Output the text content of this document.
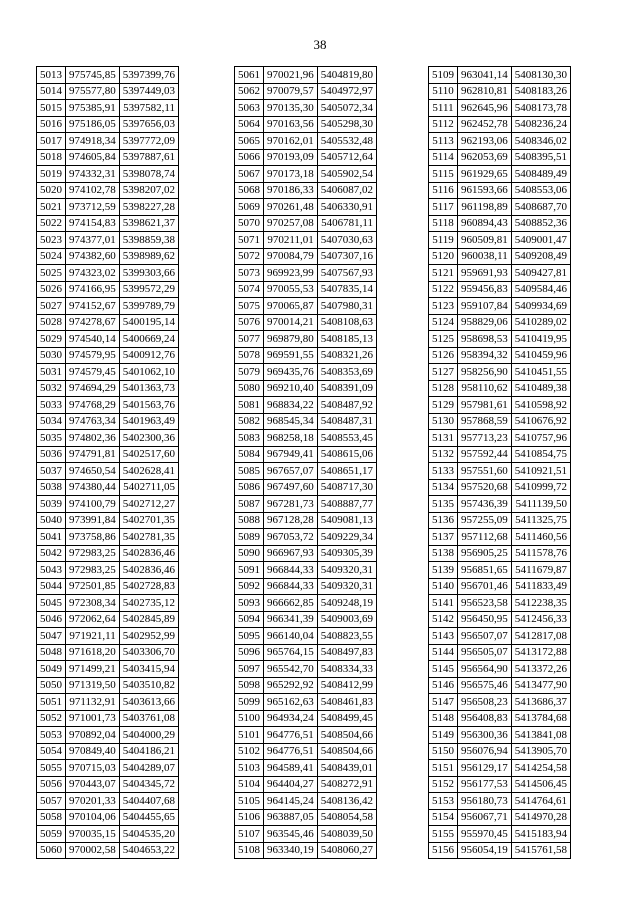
38
5013	975745,85	5397399,76
5014	975577,80	5397449,03
5015	975385,91	5397582,11
5016	975186,05	5397656,03
5017	974918,34	5397772,09
5018	974605,84	5397887,61
5019	974332,31	5398078,74
5020	974102,78	5398207,02
5021	973712,59	5398227,28
5022	974154,83	5398621,37
5023	974377,01	5398859,38
5024	974382,60	5398989,62
5025	974323,02	5399303,66
5026	974166,95	5399572,29
5027	974152,67	5399789,79
5028	974278,67	5400195,14
5029	974540,14	5400669,24
5030	974579,95	5400912,76
5031	974579,45	5401062,10
5032	974694,29	5401363,73
5033	974768,29	5401563,76
5034	974763,34	5401963,49
5035	974802,36	5402300,36
5036	974791,81	5402517,60
5037	974650,54	5402628,41
5038	974380,44	5402711,05
5039	974100,79	5402712,27
5040	973991,84	5402701,35
5041	973758,86	5402781,35
5042	972983,25	5402836,46
5043	972983,25	5402836,46
5044	972501,85	5402728,83
5045	972308,34	5402735,12
5046	972062,64	5402845,89
5047	971921,11	5402952,99
5048	971618,20	5403306,70
5049	971499,21	5403415,94
5050	971319,50	5403510,82
5051	971132,91	5403613,66
5052	971001,73	5403761,08
5053	970892,04	5404000,29
5054	970849,40	5404186,21
5055	970715,03	5404289,07
5056	970443,07	5404345,72
5057	970201,33	5404407,68
5058	970104,06	5404455,65
5059	970035,15	5404535,20
5060	970002,58	5404653,22
5061	970021,96	5404819,80
5062	970079,57	5404972,97
5063	970135,30	5405072,34
5064	970163,56	5405298,30
5065	970162,01	5405532,48
5066	970193,09	5405712,64
5067	970173,18	5405902,54
5068	970186,33	5406087,02
5069	970261,48	5406330,91
5070	970257,08	5406781,11
5071	970211,01	5407030,63
5072	970084,79	5407307,16
5073	969923,99	5407567,93
5074	970055,53	5407835,14
5075	970065,87	5407980,31
5076	970014,21	5408108,63
5077	969879,80	5408185,13
5078	969591,55	5408321,26
5079	969435,76	5408353,69
5080	969210,40	5408391,09
5081	968834,22	5408487,92
5082	968545,34	5408487,31
5083	968258,18	5408553,45
5084	967949,41	5408615,06
5085	967657,07	5408651,17
5086	967497,60	5408717,30
5087	967281,73	5408887,77
5088	967128,28	5409081,13
5089	967053,72	5409229,34
5090	966967,93	5409305,39
5091	966844,33	5409320,31
5092	966844,33	5409320,31
5093	966662,85	5409248,19
5094	966341,39	5409003,69
5095	966140,04	5408823,55
5096	965764,15	5408497,83
5097	965542,70	5408334,33
5098	965292,92	5408412,99
5099	965162,63	5408461,83
5100	964934,24	5408499,45
5101	964776,51	5408504,66
5102	964776,51	5408504,66
5103	964589,41	5408439,01
5104	964404,27	5408272,91
5105	964145,24	5408136,42
5106	963887,05	5408054,58
5107	963545,46	5408039,50
5108	963340,19	5408060,27
5109	963041,14	5408130,30
5110	962810,81	5408183,26
5111	962645,96	5408173,78
5112	962452,78	5408236,24
5113	962193,06	5408346,02
5114	962053,69	5408395,51
5115	961929,65	5408489,49
5116	961593,66	5408553,06
5117	961198,89	5408687,70
5118	960894,43	5408852,36
5119	960509,81	5409001,47
5120	960038,11	5409208,49
5121	959691,93	5409427,81
5122	959456,83	5409584,46
5123	959107,84	5409934,69
5124	958829,06	5410289,02
5125	958698,53	5410419,95
5126	958394,32	5410459,96
5127	958256,90	5410451,55
5128	958110,62	5410489,38
5129	957981,61	5410598,92
5130	957868,59	5410676,92
5131	957713,23	5410757,96
5132	957592,44	5410854,75
5133	957551,60	5410921,51
5134	957520,68	5410999,72
5135	957436,39	5411139,50
5136	957255,09	5411325,75
5137	957112,68	5411460,56
5138	956905,25	5411578,76
5139	956851,65	5411679,87
5140	956701,46	5411833,49
5141	956523,58	5412238,35
5142	956450,95	5412456,33
5143	956507,07	5412817,08
5144	956505,07	5413172,88
5145	956564,90	5413372,26
5146	956575,46	5413477,90
5147	956508,23	5413686,37
5148	956408,83	5413784,68
5149	956300,36	5413841,08
5150	956076,94	5413905,70
5151	956129,17	5414254,58
5152	956177,53	5414506,45
5153	956180,73	5414764,61
5154	956067,71	5414970,28
5155	955970,45	5415183,94
5156	956054,19	5415761,58
